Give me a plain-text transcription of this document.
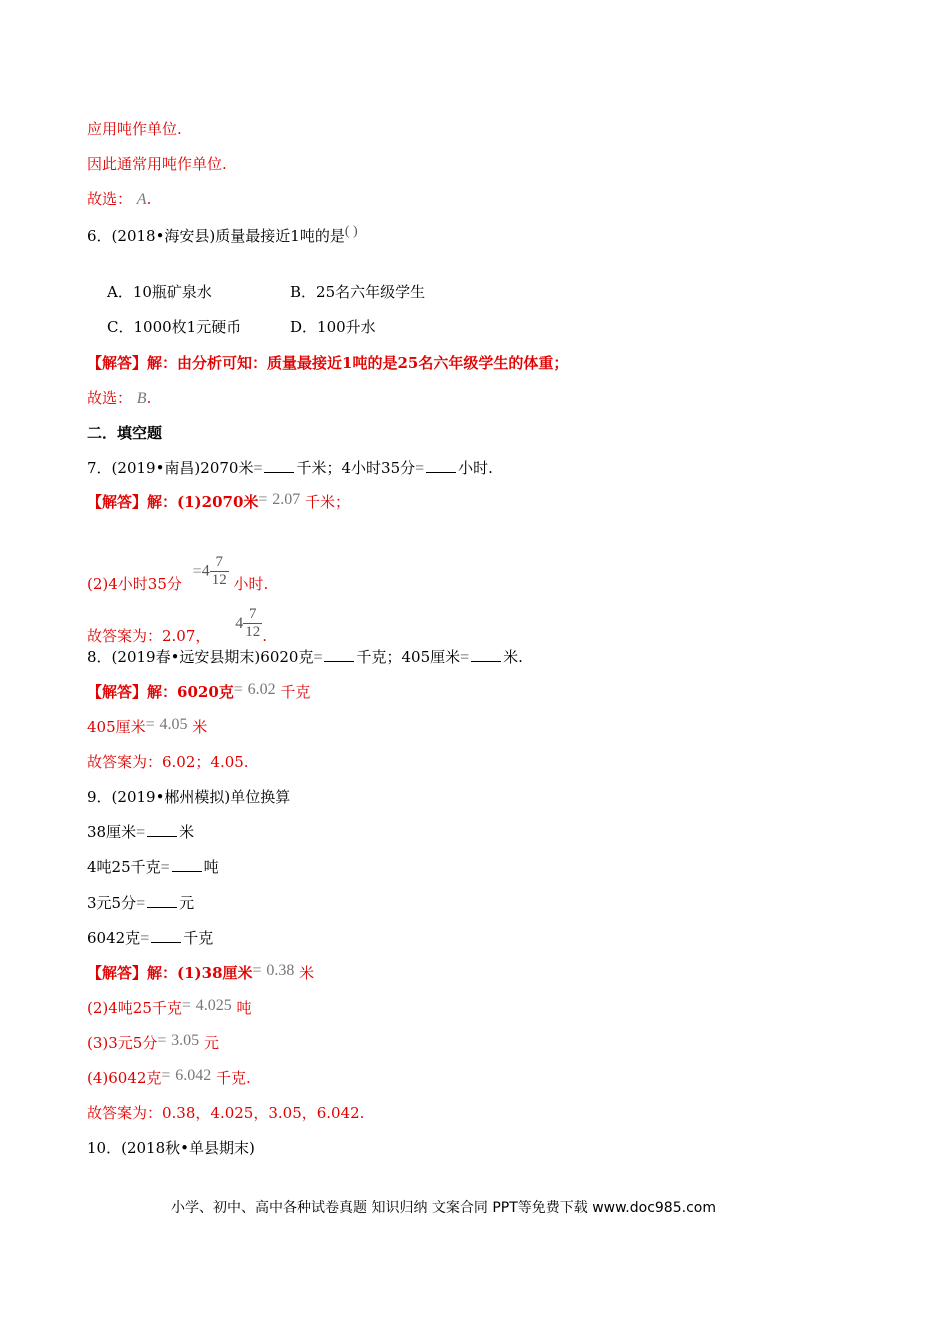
应用吨作单位.
因此通常用吨作单位.
故选： A.
6．(2018•海安县)质量最接近1吨的是( )
A．10瓶矿泉水	B．25名六年级学生
C．1000枚1元硬币	D．100升水
【解答】解：由分析可知：质量最接近1吨的是25名六年级学生的体重；
故选： B.
二．填空题
7．(2019•南昌)2070米= 千米；4小时35分= 小时.
【解答】解：(1)2070米= 2.07 千米；
(2)4小时35分 $=4 \frac{7}{12}$ 小时.
故答案为：2.07， $4 \frac{7}{12}$ .
8．(2019春•远安县期末)6020克= 千克；405厘米= 米.
【解答】解：6020克= 6.02 千克
405厘米= 4.05 米
故答案为：6.02；4.05.
9．(2019•郴州模拟)单位换算
38厘米= 米
4吨25千克= 吨
3元5分= 元
6042克= 千克
【解答】解：(1)38厘米= 0.38 米
(2)4吨25千克= 4.025 吨
(3)3元5分= 3.05 元
(4)6042克= 6.042 千克.
故答案为：0.38，4.025，3.05，6.042.
10．(2018秋•单县期末)
小学、初中、高中各种试卷真题 知识归纳 文案合同 PPT等免费下载 www.doc985.com
